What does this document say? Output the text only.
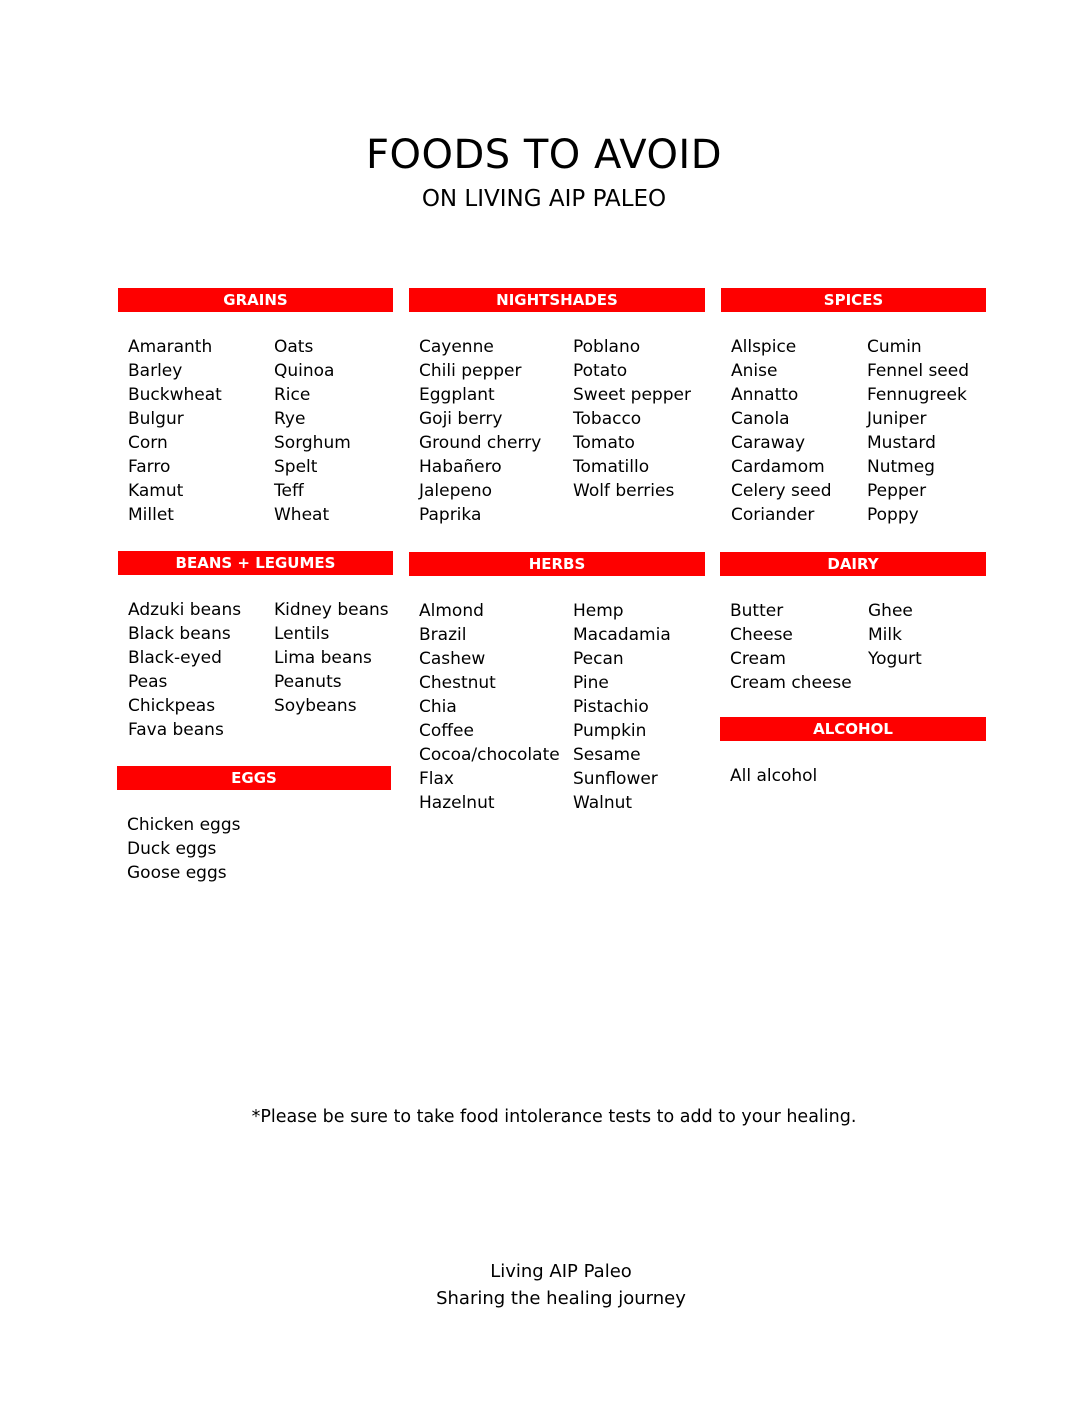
FOODS TO AVOID
ON LIVING AIP PALEO
GRAINS
Amaranth
Barley
Buckwheat
Bulgur
Corn
Farro
Kamut
Millet
Oats
Quinoa
Rice
Rye
Sorghum
Spelt
Teff
Wheat
NIGHTSHADES
Cayenne
Chili pepper
Eggplant
Goji berry
Ground cherry
Habañero
Jalepeno
Paprika
Poblano
Potato
Sweet pepper
Tobacco
Tomato
Tomatillo
Wolf berries
SPICES
Allspice
Anise
Annatto
Canola
Caraway
Cardamom
Celery seed
Coriander
Cumin
Fennel seed
Fennugreek
Juniper
Mustard
Nutmeg
Pepper
Poppy
BEANS + LEGUMES
Adzuki beans
Black beans
Black-eyed
Peas
Chickpeas
Fava beans
Kidney beans
Lentils
Lima beans
Peanuts
Soybeans
HERBS
Almond
Brazil
Cashew
Chestnut
Chia
Coffee
Cocoa/chocolate
Flax
Hazelnut
Hemp
Macadamia
Pecan
Pine
Pistachio
Pumpkin
Sesame
Sunflower
Walnut
DAIRY
Butter
Cheese
Cream
Cream cheese
Ghee
Milk
Yogurt
EGGS
Chicken eggs
Duck eggs
Goose eggs
ALCOHOL
All alcohol
*Please be sure to take food intolerance tests to add to your healing.
Living AIP Paleo
Sharing the healing journey
